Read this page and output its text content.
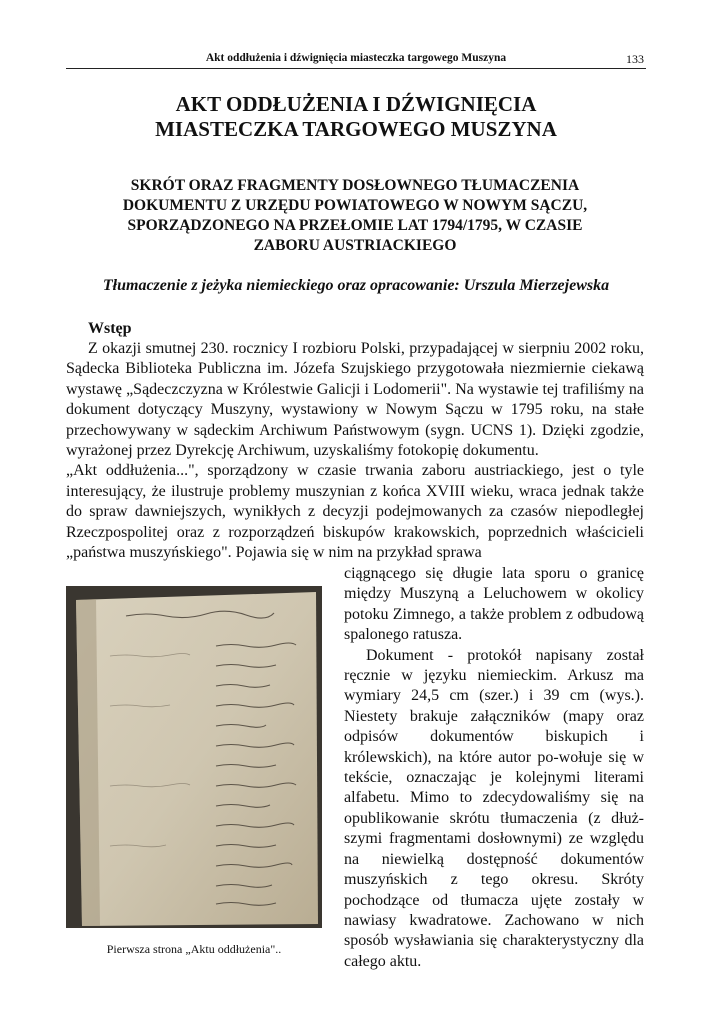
Akt oddłużenia i dźwignięcia miasteczka targowego Muszyna	133
AKT ODDŁUŻENIA I DŹWIGNIĘCIA
MIASTECZKA TARGOWEGO MUSZYNA
SKRÓT ORAZ FRAGMENTY DOSŁOWNEGO TŁUMACZENIA
DOKUMENTU Z URZĘDU POWIATOWEGO W NOWYM SĄCZU,
SPORZĄDZONEGO NA PRZEŁOMIE LAT 1794/1795, W CZASIE
ZABORU AUSTRIACKIEGO
Tłumaczenie z jeżyka niemieckiego oraz opracowanie: Urszula Mierzejewska
Wstęp

Z okazji smutnej 230. rocznicy I rozbioru Polski, przypadającej w sierpniu 2002 roku, Sądecka Biblioteka Publiczna im. Józefa Szujskiego przygotowała niezmiernie ciekawą wystawę „Sądeczczyzna w Królestwie Galicji i Lodomerii". Na wystawie tej trafiliśmy na dokument dotyczący Muszyny, wystawiony w Nowym Sączu w 1795 roku, na stałe przechowywany w sądeckim Archiwum Państwowym (sygn. UCNS 1). Dzięki zgodzie, wyrażonej przez Dyrekcję Archiwum, uzyskaliśmy fotokopię dokumentu.

„Akt oddłużenia...", sporządzony w czasie trwania zaboru austriackiego, jest o tyle interesujący, że ilustruje problemy muszynian z końca XVIII wieku, wraca jednak także do spraw dawniejszych, wynikłych z decyzji podejmowanych za czasów niepodległej Rzeczpospolitej oraz z rozporządzeń biskupów krakowskich, poprzednich właścicieli „państwa muszyńskiego". Pojawia się w nim na przykład sprawa

Pierwsza strona „Aktu oddłużenia"..

ciągnącego się długie lata sporu o granicę między Muszyną a Leluchowem w okolicy potoku Zimnego, a także problem z odbudową spalonego ratusza.

Dokument - protokół napisany został ręcznie w języku niemieckim. Arkusz ma wymiary 24,5 cm (szer.) i 39 cm (wys.). Niestety brakuje załączników (mapy oraz odpisów dokumentów biskupich i królewskich), na które autor po-wołuje się w tekście, oznaczając je kolejnymi literami alfabetu. Mimo to zdecydowaliśmy się na opublikowanie skrótu tłumaczenia (z dłuż-szymi fragmentami dosłownymi) ze względu na niewielką dostępność dokumentów muszyńskich z tego okresu. Skróty pochodzące od tłumacza ujęte zostały w nawiasy kwadratowe. Zachowano w nich sposób wysławiania się charakterystyczny dla całego aktu.
